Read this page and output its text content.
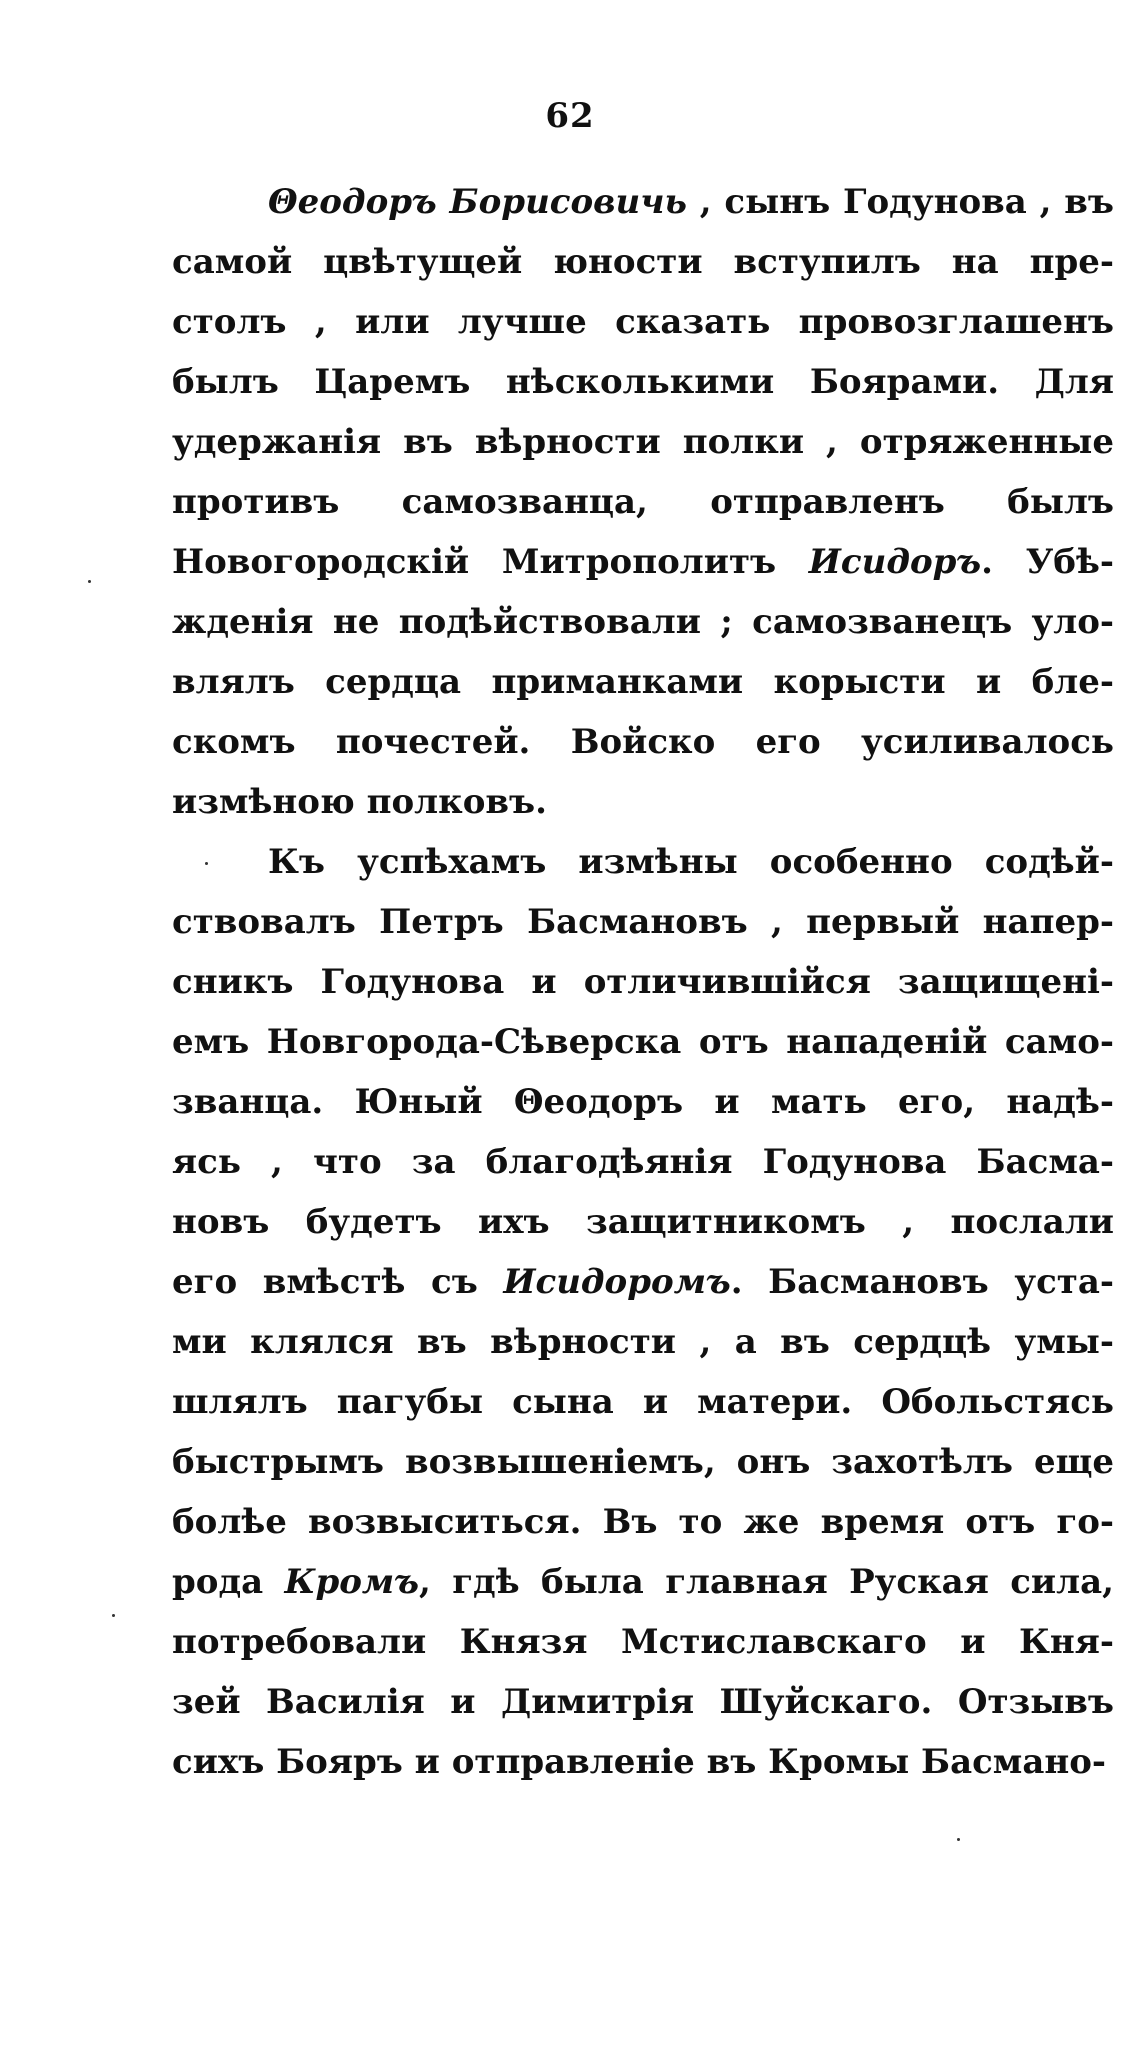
62
Θеодоръ Борисовичь , сынъ Годунова , въ
самой цвѣтущей юности вступилъ на пре-
столъ , или лучше сказать провозглашенъ
былъ Царемъ нѣсколькими Боярами. Для
удержанія въ вѣрности полки , отряженные
противъ самозванца, отправленъ былъ
Новогородскій Митрополитъ Исидоръ. Убѣ-
жденія не подѣйствовали ; самозванецъ уло-
влялъ сердца приманками корысти и бле-
скомъ почестей. Войско его усиливалось
измѣною полковъ.
Къ успѣхамъ измѣны особенно содѣй-
ствовалъ Петръ Басмановъ , первый напер-
сникъ Годунова и отличившійся защищені-
емъ Новгорода-Сѣверска отъ нападеній само-
званца. Юный Θеодоръ и мать его, надѣ-
ясь , что за благодѣянія Годунова Басма-
новъ будетъ ихъ защитникомъ , послали
его вмѣстѣ съ Исидоромъ. Басмановъ уста-
ми клялся въ вѣрности , а въ сердцѣ умы-
шлялъ пагубы сына и матери. Обольстясь
быстрымъ возвышеніемъ, онъ захотѣлъ еще
болѣе возвыситься. Въ то же время отъ го-
рода Кромъ, гдѣ была главная Руская сила,
потребовали Князя Мстиславскаго и Кня-
зей Василія и Димитрія Шуйскаго. Отзывъ
сихъ Бояръ и отправленіе въ Кромы Басмано-
